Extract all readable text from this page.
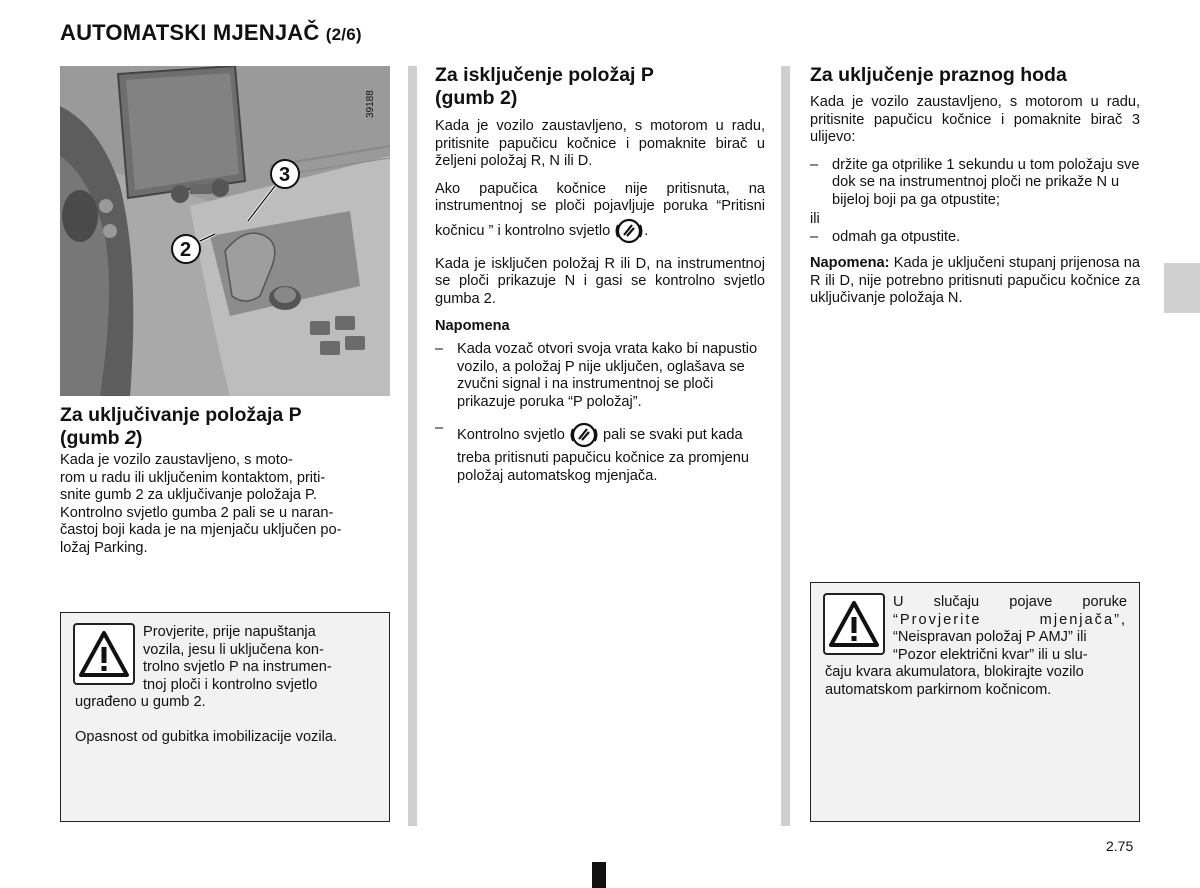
AUTOMATSKI MJENJAČ (2/6)
3
2
39188
Za uključivanje položaja P
(gumb 2)
Kada je vozilo zaustavljeno, s moto-
rom u radu ili uključenim kontaktom, priti-
snite gumb 2 za uključivanje položaja P.
Kontrolno svjetlo gumba 2 pali se u naran-
častoj boji kada je na mjenjaču uključen po-
ložaj Parking.
Provjerite, prije napuštanja
vozila, jesu li uključena kon-
trolno svjetlo P na instrumen-
tnoj ploči i kontrolno svjetlo
ugrađeno u gumb 2.
Opasnost od gubitka imobilizacije vozila.
Za isključenje položaj P
(gumb 2)

Kada je vozilo zaustavljeno, s motorom u radu, pritisnite papučicu kočnice i pomaknite birač u željeni položaj R, N ili D.

Ako papučica kočnice nije pritisnuta, na instrumentnoj se ploči pojavljuje poruka “Pritisni kočnicu ” i kontrolno svjetlo .

Kada je isključen položaj R ili D, na instrumentnoj se ploči prikazuje N i gasi se kontrolno svjetlo gumba 2.

Napomena

– Kada vozač otvori svoja vrata kako bi napustio vozilo, a položaj P nije uključen, oglašava se zvučni signal i na instrumentnoj se ploči prikazuje poruka “P položaj”.
– Kontrolno svjetlo	pali se svaki put kada treba pritisnuti papučicu kočnice za promjenu položaj automatskog mjenjača.
Za uključenje praznog hoda

Kada je vozilo zaustavljeno, s motorom u radu, pritisnite papučicu kočnice i pomaknite birač 3 ulijevo:

– držite ga otprilike 1 sekundu u tom položaju sve dok se na instrumentnoj ploči ne prikaže N u bijeloj boji pa ga otpustite;
ili
– odmah ga otpustite.

Napomena: Kada je uključeni stupanj prijenosa na R ili D, nije potrebno pritisnuti papučicu kočnice za uključivanje položaja N.

U slučaju pojave poruke
“Provjerite mjenjača”,
“Neispravan položaj P AMJ” ili
“Pozor električni kvar” ili u slu-
čaju kvara akumulatora, blokirajte vozilo
automatskom parkirnom kočnicom.
2.75
